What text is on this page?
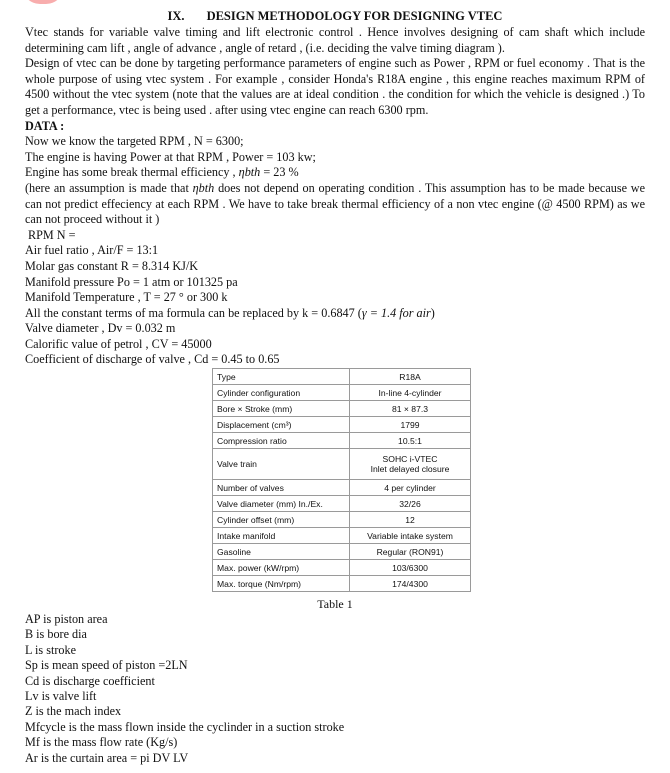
IX. DESIGN METHODOLOGY FOR DESIGNING VTEC

Vtec stands for variable valve timing and lift electronic control . Hence involves designing of cam shaft which include determining cam lift , angle of advance , angle of retard , (i.e. deciding the valve timing diagram ).

Design of vtec can be done by targeting performance parameters of engine such as Power , RPM or fuel economy . That is the whole purpose of using vtec system . For example , consider Honda's R18A engine , this engine reaches maximum RPM of 4500 without the vtec system (note that the values are at ideal condition . the condition for which the vehicle is designed .) To get a performance, vtec is being used . after using vtec engine can reach 6300 rpm.

DATA :
Now we know the targeted RPM , N = 6300;
The engine is having Power at that RPM , Power = 103 kw;
Engine has some break thermal efficiency , ηbth = 23 %

(here an assumption is made that ηbth does not depend on operating condition . This assumption has to be made because we can not predict effeciency at each RPM . We have to take break thermal efficiency of a non vtec engine (@ 4500 RPM) as we can not proceed without it )

RPM N =
Air fuel ratio , Air/F = 13:1
Molar gas constant R = 8.314 KJ/K
Manifold pressure Po = 1 atm or 101325 pa
Manifold Temperature , T = 27 ° or 300 k
All the constant terms of ma formula can be replaced by k = 0.6847 (γ = 1.4 for air)
Valve diameter , Dv = 0.032 m
Calorific value of petrol , CV = 45000
Coefficient of discharge of valve , Cd = 0.45 to 0.65
Type	R18A
Cylinder configuration	In-line 4-cylinder
Bore × Stroke (mm)	81 × 87.3
Displacement (cm³)	1799
Compression ratio	10.5:1
Valve train	SOHC i-VTEC
Inlet delayed closure

Number of valves	4 per cylinder
Valve diameter (mm) In./Ex.	32/26
Cylinder offset (mm)	12
Intake manifold	Variable intake system
Gasoline	Regular (RON91)
Max. power (kW/rpm)	103/6300
Max. torque (Nm/rpm)	174/4300
Table 1
AP is piston area
B is bore dia
L is stroke
Sp is mean speed of piston =2LN
Cd is discharge coefficient
Lv is valve lift
Z is the mach index
Mfcycle is the mass flown inside the cyclinder in a suction stroke
Mf is the mass flow rate (Kg/s)
Ar is the curtain area = pi DV LV
